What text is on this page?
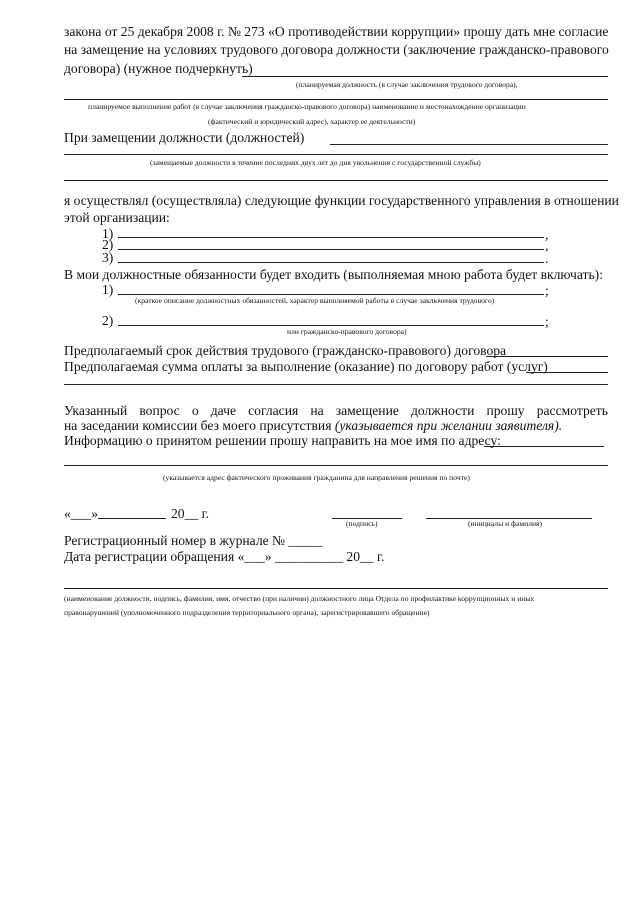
закона от 25 декабря 2008 г. № 273 «О противодействии коррупции» прошу дать мне согласие
на замещение на условиях трудового договора должности (заключение гражданско-правового
договора) (нужное подчеркнуть)
(планируемая должность (в случае заключения трудового договора),
планируемое выполнение работ (в случае заключения гражданско-правового договора) наименование и местонахождение организации
(фактический и юридический адрес), характер ее деятельности)
При замещении должности (должностей)
(замещаемые должности в течение последних двух лет до дня увольнения с государственной службы)
я осуществлял (осуществляла) следующие функции государственного управления в отношении
этой организации:
1)	,
2)	,
3)	.
В мои должностные обязанности будет входить (выполняемая мною работа будет включать):
1)	;
(краткое описание должностных обязанностей, характер выполняемой работы в случае заключения трудового)
2)	;
или гражданско-правового договора)
Предполагаемый срок действия трудового (гражданско-правового) договора
Предполагаемая сумма оплаты за выполнение (оказание) по договору работ (услуг)
Указанный вопрос о даче согласия на замещение должности прошу рассмотреть
на заседании комиссии без моего присутствия (указывается при желании заявителя).
Информацию о принятом решении прошу направить на мое имя по адресу:
(указывается адрес фактического проживания гражданина для направления решения по почте)
«___»	20__ г.
(подпись)	(инициалы и фамилия)
Регистрационный номер в журнале № _____
Дата регистрации обращения «___» __________ 20__ г.
(наименование должности, подпись, фамилия, имя, отчество (при наличии) должностного лица Отдела по профилактике коррупционных и иных
правонарушений (уполномоченного подразделения территориального органа), зарегистрировавшего обращение)
